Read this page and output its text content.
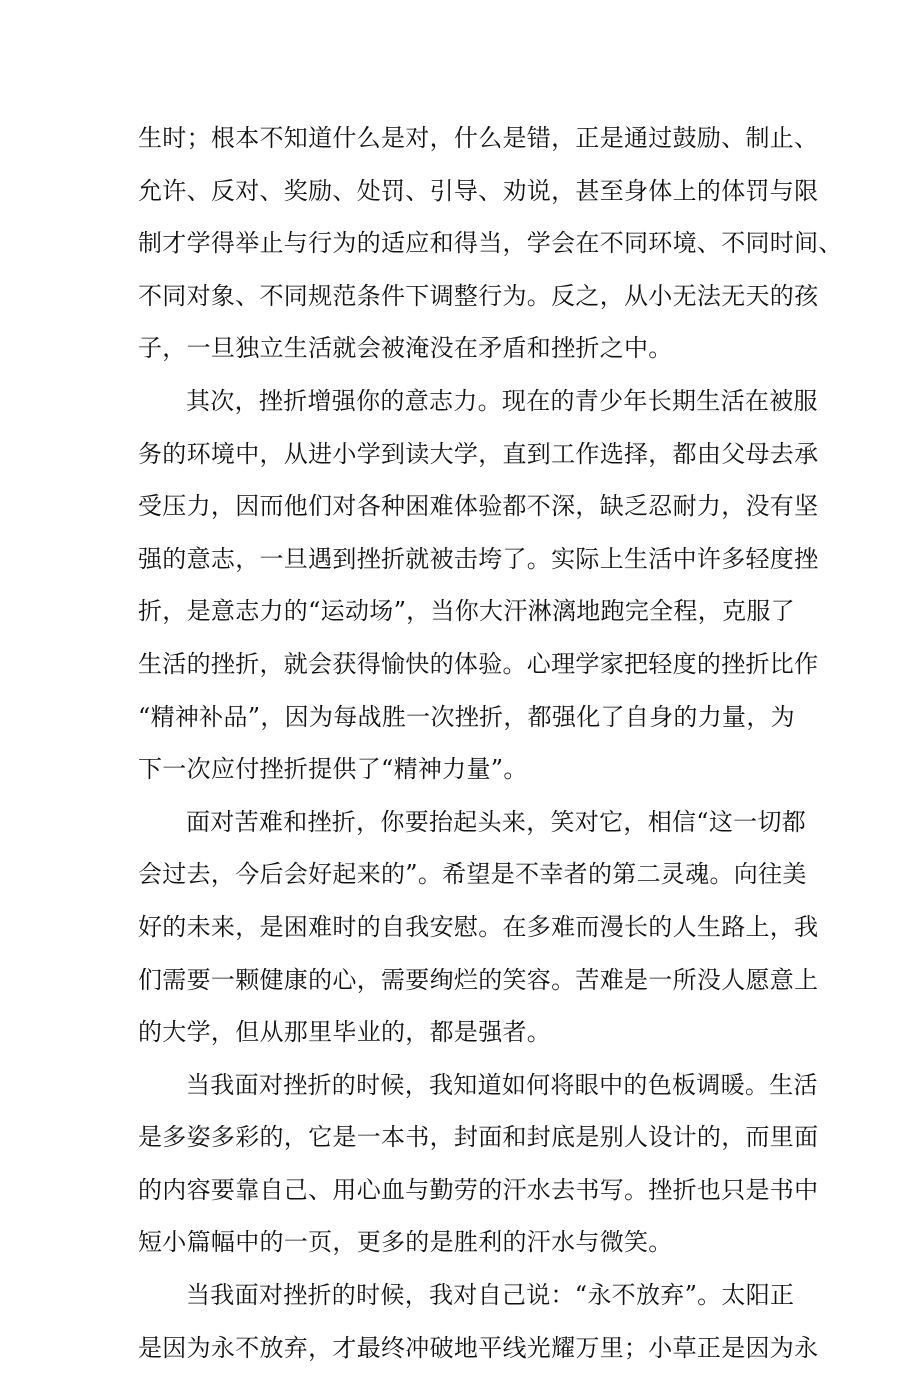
生时；根本不知道什么是对，什么是错，正是通过鼓励、制止、
允许、反对、奖励、处罚、引导、劝说，甚至身体上的体罚与限
制才学得举止与行为的适应和得当，学会在不同环境、不同时间、
不同对象、不同规范条件下调整行为。反之，从小无法无天的孩
子，一旦独立生活就会被淹没在矛盾和挫折之中。
其次，挫折增强你的意志力。现在的青少年长期生活在被服
务的环境中，从进小学到读大学，直到工作选择，都由父母去承
受压力，因而他们对各种困难体验都不深，缺乏忍耐力，没有坚
强的意志，一旦遇到挫折就被击垮了。实际上生活中许多轻度挫
折，是意志力的“运动场”，当你大汗淋漓地跑完全程，克服了
生活的挫折，就会获得愉快的体验。心理学家把轻度的挫折比作
“精神补品”，因为每战胜一次挫折，都强化了自身的力量，为
下一次应付挫折提供了“精神力量”。
面对苦难和挫折，你要抬起头来，笑对它，相信“这一切都
会过去，今后会好起来的”。希望是不幸者的第二灵魂。向往美
好的未来，是困难时的自我安慰。在多难而漫长的人生路上，我
们需要一颗健康的心，需要绚烂的笑容。苦难是一所没人愿意上
的大学，但从那里毕业的，都是强者。
当我面对挫折的时候，我知道如何将眼中的色板调暖。生活
是多姿多彩的，它是一本书，封面和封底是别人设计的，而里面
的内容要靠自己、用心血与勤劳的汗水去书写。挫折也只是书中
短小篇幅中的一页，更多的是胜利的汗水与微笑。
当我面对挫折的时候，我对自己说：“永不放弃”。太阳正
是因为永不放弃，才最终冲破地平线光耀万里；小草正是因为永
